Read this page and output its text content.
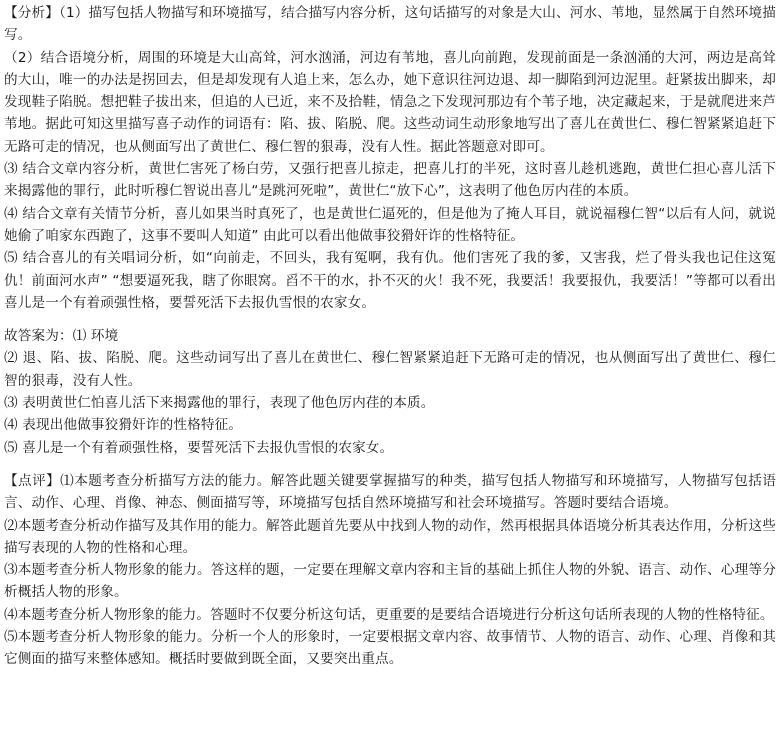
【分析】（1）描写包括人物描写和环境描写，结合描写内容分析，这句话描写的对象是大山、河水、苇地，显然属于自然环境描写。

（2）结合语境分析，周围的环境是大山高耸，河水汹涌，河边有苇地，喜儿向前跑，发现前面是一条汹涌的大河，两边是高耸的大山，唯一的办法是拐回去，但是却发现有人追上来，怎么办，她下意识往河边退、却一脚陷到河边泥里。赶紧拔出脚来，却发现鞋子陷脱。想把鞋子拔出来，但追的人已近，来不及拾鞋，情急之下发现河那边有个苇子地，决定藏起来，于是就爬进来芦苇地。据此可知这里描写喜子动作的词语有：陷、拔、陷脱、爬。这些动词生动形象地写出了喜儿在黄世仁、穆仁智紧紧追赶下无路可走的情况，也从侧面写出了黄世仁、穆仁智的狠毒，没有人性。据此答题意对即可。

⑶ 结合文章内容分析，黄世仁害死了杨白劳，又强行把喜儿掠走，把喜儿打的半死，这时喜儿趁机逃跑，黄世仁担心喜儿活下来揭露他的罪行，此时听穆仁智说出喜儿“是跳河死啦”，黄世仁“放下心”，这表明了他色厉内荏的本质。

⑷ 结合文章有关情节分析，喜儿如果当时真死了，也是黄世仁逼死的，但是他为了掩人耳目，就说福穆仁智“以后有人问，就说她偷了咱家东西跑了，这事不要叫人知道” 由此可以看出他做事狡猾奸诈的性格特征。

⑸ 结合喜儿的有关唱词分析，如“向前走，不回头，我有冤啊，我有仇。他们害死了我的爹，又害我，烂了骨头我也记住这冤仇！前面河水声” “想要逼死我，瞎了你眼窝。舀不干的水，扑不灭的火！我不死，我要活！我要报仇，我要活！”等都可以看出喜儿是一个有着顽强性格，要誓死活下去报仇雪恨的农家女。

故答案为：⑴ 环境

⑵ 退、陷、拔、陷脱、爬。这些动词写出了喜儿在黄世仁、穆仁智紧紧追赶下无路可走的情况，也从侧面写出了黄世仁、穆仁智的狠毒，没有人性。

⑶ 表明黄世仁怕喜儿活下来揭露他的罪行，表现了他色厉内荏的本质。

⑷ 表现出他做事狡猾奸诈的性格特征。

⑸ 喜儿是一个有着顽强性格，要誓死活下去报仇雪恨的农家女。

【点评】⑴本题考查分析描写方法的能力。解答此题关键要掌握描写的种类，描写包括人物描写和环境描写，人物描写包括语言、动作、心理、肖像、神态、侧面描写等，环境描写包括自然环境描写和社会环境描写。答题时要结合语境。

⑵本题考查分析动作描写及其作用的能力。解答此题首先要从中找到人物的动作，然再根据具体语境分析其表达作用，分析这些描写表现的人物的性格和心理。

⑶本题考查分析人物形象的能力。答这样的题，一定要在理解文章内容和主旨的基础上抓住人物的外貌、语言、动作、心理等分析概括人物的形象。

⑷本题考查分析人物形象的能力。答题时不仅要分析这句话，更重要的是要结合语境进行分析这句话所表现的人物的性格特征。

⑸本题考查分析人物形象的能力。分析一个人的形象时，一定要根据文章内容、故事情节、人物的语言、动作、心理、肖像和其它侧面的描写来整体感知。概括时要做到既全面，又要突出重点。
